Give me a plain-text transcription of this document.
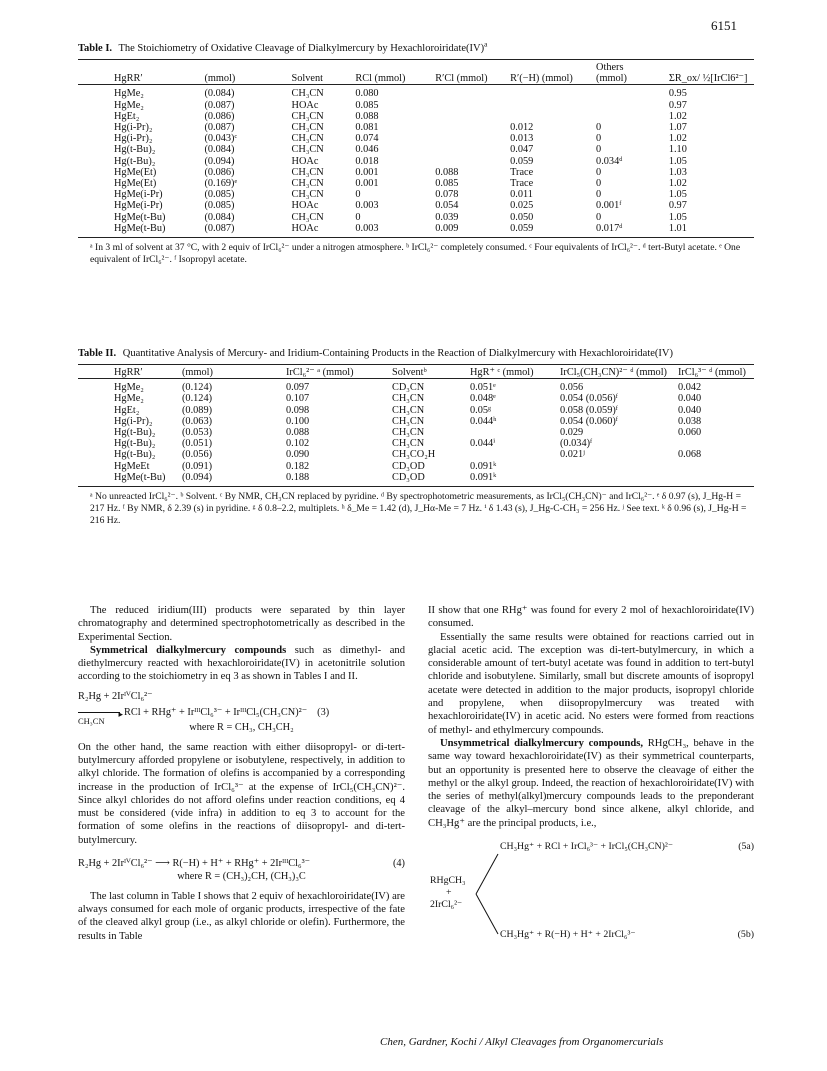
6151
Table I. The Stoichiometry of Oxidative Cleavage of Dialkylmercury by Hexachloroiridate(IV)$^a$
HgRR′	(mmol)	Solvent	RCl (mmol)	R′Cl (mmol)	R′(−H) (mmol)	Others (mmol)	ΣR_ox/ ½[IrCl6²⁻]

HgMe₂	(0.084)	CH₃CN	0.080				0.95
HgMe₂	(0.087)	HOAc	0.085				0.97
HgEt₂	(0.086)	CH₃CN	0.088				1.02
Hg(i-Pr)₂	(0.087)	CH₃CN	0.081		0.012	0	1.07
Hg(i-Pr)₂	(0.043)ᶜ	CH₃CN	0.074		0.013	0	1.02
Hg(t-Bu)₂	(0.084)	CH₃CN	0.046		0.047	0	1.10
Hg(t-Bu)₂	(0.094)	HOAc	0.018		0.059	0.034ᵈ	1.05
HgMe(Et)	(0.086)	CH₃CN	0.001	0.088	Trace	0	1.03
HgMe(Et)	(0.169)ᵉ	CH₃CN	0.001	0.085	Trace	0	1.02
HgMe(i-Pr)	(0.085)	CH₃CN	0	0.078	0.011	0	1.05
HgMe(i-Pr)	(0.085)	HOAc	0.003	0.054	0.025	0.001ᶠ	0.97
HgMe(t-Bu)	(0.084)	CH₃CN	0	0.039	0.050	0	1.05
HgMe(t-Bu)	(0.087)	HOAc	0.003	0.009	0.059	0.017ᵈ	1.01
ᵃ In 3 ml of solvent at 37 °C, with 2 equiv of IrCl₆²⁻ under a nitrogen atmosphere. ᵇ IrCl₆²⁻ completely consumed. ᶜ Four equivalents of IrCl₆²⁻. ᵈ tert-Butyl acetate. ᵉ One equivalent of IrCl₆²⁻. ᶠ Isopropyl acetate.
Table II. Quantitative Analysis of Mercury- and Iridium-Containing Products in the Reaction of Dialkylmercury with Hexachloroiridate(IV)
HgRR′	(mmol)	IrCl₆²⁻ ᵃ (mmol)	Solventᵇ	HgR⁺ ᶜ (mmol)	IrCl₅(CH₃CN)²⁻ ᵈ (mmol)	IrCl₆³⁻ ᵈ (mmol)

HgMe₂	(0.124)	0.097	CD₃CN	0.051ᵉ	0.056	0.042
HgMe₂	(0.124)	0.107	CH₃CN	0.048ᵉ	0.054 (0.056)ᶠ	0.040
HgEt₂	(0.089)	0.098	CH₃CN	0.05ᵍ	0.058 (0.059)ᶠ	0.040
Hg(i-Pr)₂	(0.063)	0.100	CH₃CN	0.044ʰ	0.054 (0.060)ᶠ	0.038
Hg(t-Bu)₂	(0.053)	0.088	CH₃CN		0.029	0.060
Hg(t-Bu)₂	(0.051)	0.102	CH₃CN	0.044ⁱ	(0.034)ᶠ	
Hg(t-Bu)₂	(0.056)	0.090	CH₃CO₂H		0.021ʲ	0.068
HgMeEt	(0.091)	0.182	CD₃OD	0.091ᵏ		
HgMe(t-Bu)	(0.094)	0.188	CD₃OD	0.091ᵏ		
ᵃ No unreacted IrCl₆²⁻. ᵇ Solvent. ᶜ By NMR, CH₃CN replaced by pyridine. ᵈ By spectrophotometric measurements, as IrCl₅(CH₃CN)⁻ and IrCl₆²⁻. ᵉ δ 0.97 (s), J_Hg-H = 217 Hz. ᶠ By NMR, δ 2.39 (s) in pyridine. ᵍ δ 0.8–2.2, multiplets. ʰ δ_Me = 1.42 (d), J_Hα-Me = 7 Hz. ⁱ δ 1.43 (s), J_Hg-C-CH₃ = 256 Hz. ʲ See text. ᵏ δ 0.96 (s), J_Hg-H = 216 Hz.

The reduced iridium(III) products were separated by thin layer chromatography and determined spectrophotometrically as described in the Experimental Section.

Symmetrical dialkylmercury compounds such as dimethyl- and diethylmercury reacted with hexachloroiridate(IV) in acetonitrile solution according to the stoichiometry in eq 3 as shown in Tables I and II.

R₂Hg + 2IrᴵⱽCl₆²⁻
▸
CH₃CN
RCl + RHg⁺ + IrᴵᴵᴵCl₆³⁻ + IrᴵᴵᴵCl₅(CH₃CN)²⁻ (3)
where R = CH₃, CH₃CH₂

On the other hand, the same reaction with either diisopropyl- or di-tert-butylmercury afforded propylene or isobutylene, respectively, in addition to alkyl chloride. The formation of olefins is accompanied by a corresponding increase in the production of IrCl₆³⁻ at the expense of IrCl₅(CH₃CN)²⁻. Since alkyl chlorides do not afford olefins under reaction conditions, eq 4 must be considered (vide infra) in addition to eq 3 to account for the formation of some olefins in the reactions of diisopropyl- and di-tert-butylmercury.

R₂Hg + 2IrᴵⱽCl₆²⁻ ⟶ R(−H) + H⁺ + RHg⁺ + 2IrᴵᴵᴵCl₆³⁻	(4)
where R = (CH₃)₂CH, (CH₃)₃C

The last column in Table I shows that 2 equiv of hexachloroiridate(IV) are always consumed for each mole of organic products, irrespective of the fate of the cleaved alkyl group (i.e., as alkyl chloride or olefin). Furthermore, the results in Table

II show that one RHg⁺ was found for every 2 mol of hexachloroiridate(IV) consumed.

Essentially the same results were obtained for reactions carried out in glacial acetic acid. The exception was di-tert-butylmercury, in which a considerable amount of tert-butyl acetate was found in addition to tert-butyl chloride and isobutylene. Similarly, small but discrete amounts of isopropyl acetate were detected in addition to the major products, isopropyl chloride and propylene, when diisopropylmercury was treated with hexachloroiridate(IV) in acetic acid. No esters were formed from reactions of methyl- and ethylmercury compounds.

Unsymmetrical dialkylmercury compounds, RHgCH₃, behave in the same way toward hexachloroiridate(IV) as their symmetrical counterparts, but an opportunity is presented here to observe the cleavage of either the methyl or the alkyl group. Indeed, the reaction of hexachloroiridate(IV) with the series of methyl(alkyl)mercury compounds leads to the preponderant cleavage of the alkyl–mercury bond since alkene, alkyl chloride, and CH₃Hg⁺ are the principal products, i.e.,

CH₃Hg⁺ + RCl + IrCl₆³⁻ + IrCl₅(CH₃CN)²⁻	(5a)
RHgCH₃
+
2IrCl₆²⁻
CH₃Hg⁺ + R(−H) + H⁺ + 2IrCl₆³⁻	(5b)
Chen, Gardner, Kochi / Alkyl Cleavages from Organomercurials
